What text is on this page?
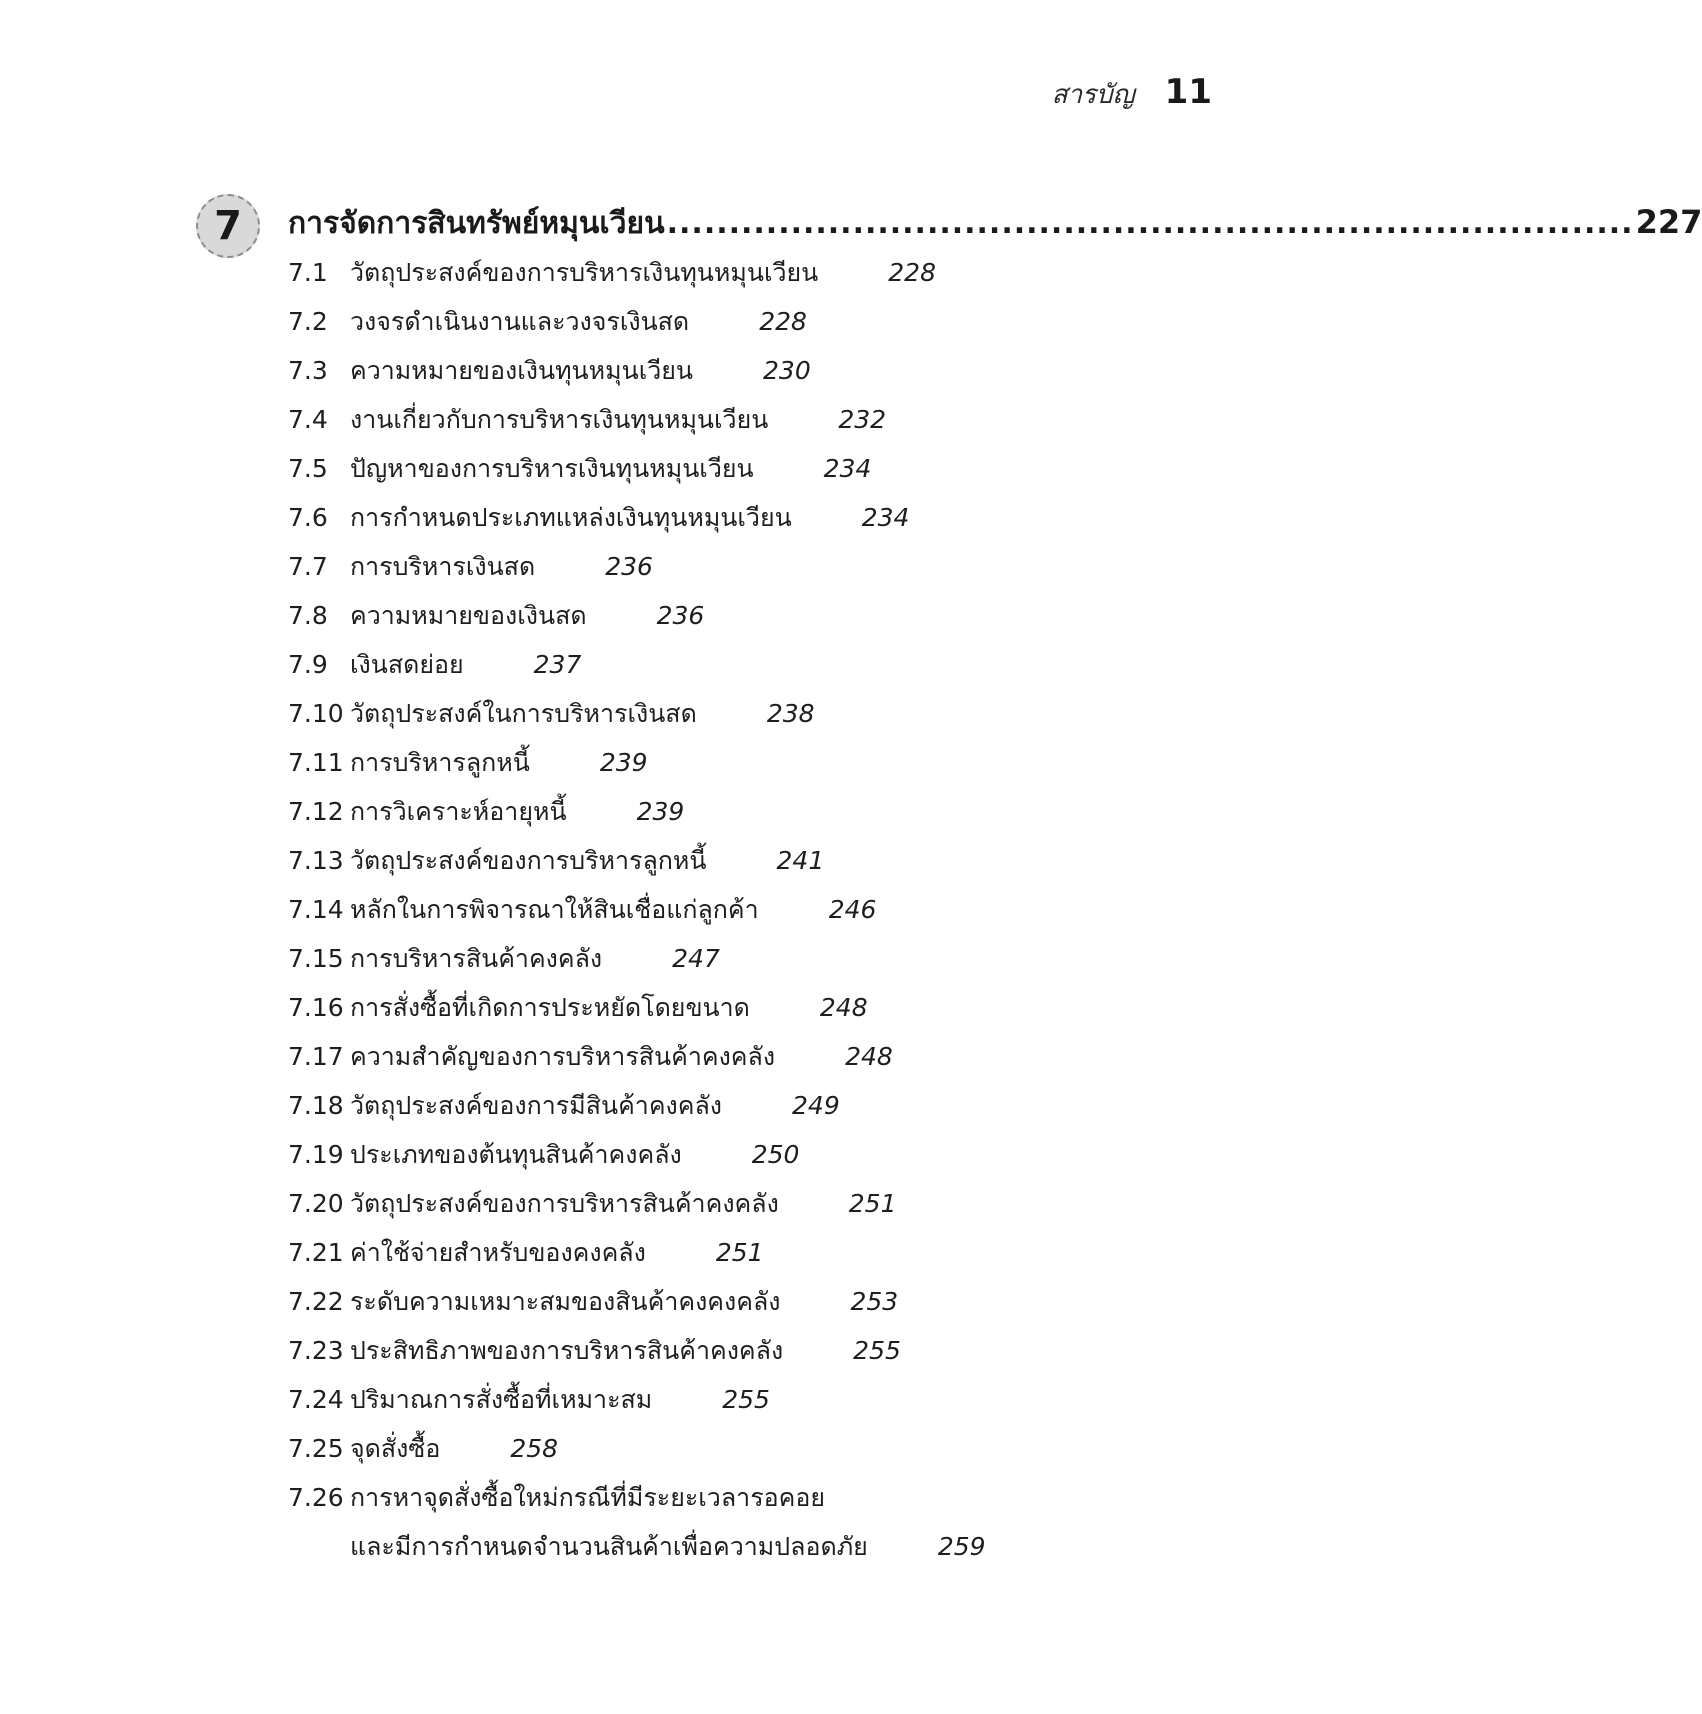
สารบัญ 11
7	การจัดการสินทรัพย์หมุนเวียน .............................................................................. 227
7.1 วัตถุประสงค์ของการบริหารเงินทุนหมุนเวียน	228
7.2 วงจรดำเนินงานและวงจรเงินสด	228
7.3 ความหมายของเงินทุนหมุนเวียน	230
7.4 งานเกี่ยวกับการบริหารเงินทุนหมุนเวียน	232
7.5 ปัญหาของการบริหารเงินทุนหมุนเวียน	234
7.6 การกำหนดประเภทแหล่งเงินทุนหมุนเวียน	234
7.7 การบริหารเงินสด	236
7.8 ความหมายของเงินสด	236
7.9 เงินสดย่อย	237
7.10 วัตถุประสงค์ในการบริหารเงินสด	238
7.11 การบริหารลูกหนี้	239
7.12 การวิเคราะห์อายุหนี้	239
7.13 วัตถุประสงค์ของการบริหารลูกหนี้	241
7.14 หลักในการพิจารณาให้สินเชื่อแก่ลูกค้า	246
7.15 การบริหารสินค้าคงคลัง	247
7.16 การสั่งซื้อที่เกิดการประหยัดโดยขนาด	248
7.17 ความสำคัญของการบริหารสินค้าคงคลัง	248
7.18 วัตถุประสงค์ของการมีสินค้าคงคลัง	249
7.19 ประเภทของต้นทุนสินค้าคงคลัง	250
7.20 วัตถุประสงค์ของการบริหารสินค้าคงคลัง	251
7.21 ค่าใช้จ่ายสำหรับของคงคลัง	251
7.22 ระดับความเหมาะสมของสินค้าคงคงคลัง	253
7.23 ประสิทธิภาพของการบริหารสินค้าคงคลัง	255
7.24 ปริมาณการสั่งซื้อที่เหมาะสม	255
7.25 จุดสั่งซื้อ	258
7.26 การหาจุดสั่งซื้อใหม่กรณีที่มีระยะเวลารอคอย
และมีการกำหนดจำนวนสินค้าเพื่อความปลอดภัย	259
